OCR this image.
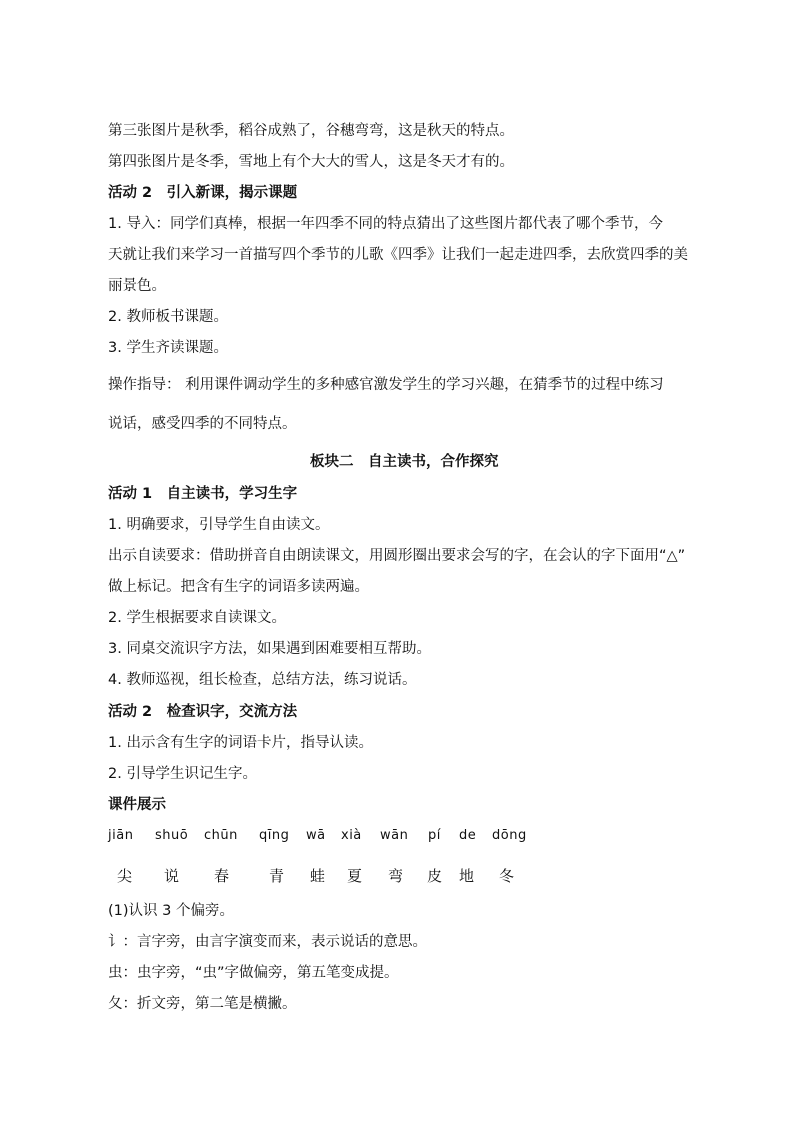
第三张图片是秋季，稻谷成熟了，谷穗弯弯，这是秋天的特点。
第四张图片是冬季，雪地上有个大大的雪人，这是冬天才有的。
活动 2　引入新课，揭示课题
1. 导入：同学们真棒，根据一年四季不同的特点猜出了这些图片都代表了哪个季节，今
天就让我们来学习一首描写四个季节的儿歌《四季》让我们一起走进四季，去欣赏四季的美
丽景色。
2. 教师板书课题。
3. 学生齐读课题。
操作指导： 利用课件调动学生的多种感官激发学生的学习兴趣，在猜季节的过程中练习
说话，感受四季的不同特点。
板块二　自主读书，合作探究
活动 1　自主读书，学习生字
1. 明确要求，引导学生自由读文。
出示自读要求：借助拼音自由朗读课文，用圆形圈出要求会写的字，在会认的字下面用“△”
做上标记。把含有生字的词语多读两遍。
2. 学生根据要求自读课文。
3. 同桌交流识字方法，如果遇到困难要相互帮助。
4. 教师巡视，组长检查，总结方法，练习说话。
活动 2　检查识字，交流方法
1. 出示含有生字的词语卡片，指导认读。
2. 引导学生识记生字。
课件展示
jiān shuō chūn qīng wā xià wān pí de dōng
尖 说 春	青 蛙 夏 弯 皮 地 冬
(1)认识 3 个偏旁。
讠：言字旁，由言字演变而来，表示说话的意思。
虫：虫字旁，“虫”字做偏旁，第五笔变成提。
夂：折文旁，第二笔是横撇。
